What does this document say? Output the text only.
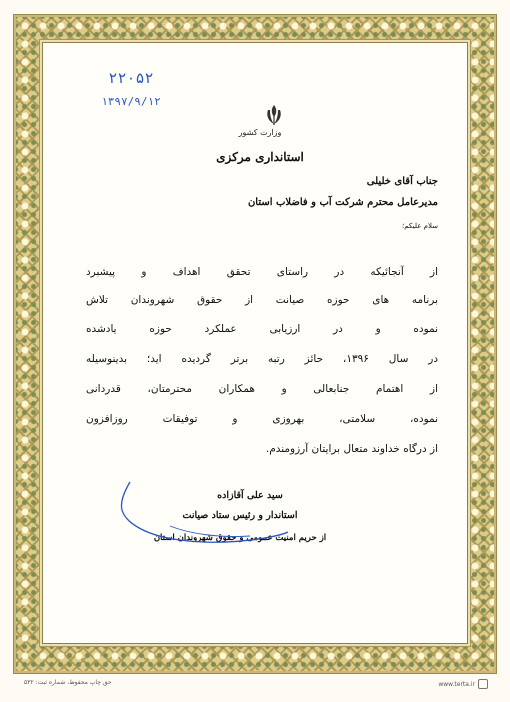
۲۲۰۵۲
۱۳۹۷/۹/۱۲
وزارت کشور
استانداری مرکزی
جناب آقای خلیلی
مدیرعامل محترم شرکت آب و فاضلاب استان
سلام علیکم؛
از آنجائیکه در راستای تحقق اهداف و پیشبرد
برنامه های حوزه صیانت از حقوق شهروندان تلاش
نموده و در ارزیابی عملکرد حوزه یادشده
در سال ۱۳۹۶، حائز رتبه برتر گردیده اید؛ بدینوسیله
از اهتمام جنابعالی و همکاران محترمتان، قدردانی
نموده، سلامتی، بهروزی و توفیقات روزافزون
از درگاه خداوند متعال برایتان آرزومندم.
سید علی آقازاده
استاندار و رئیس ستاد صیانت
از حریم امنیت عمومی و حقوق شهروندان استان
حق چاپ محفوظ، شماره ثبت: ۵۳۲	www.terta.ir
